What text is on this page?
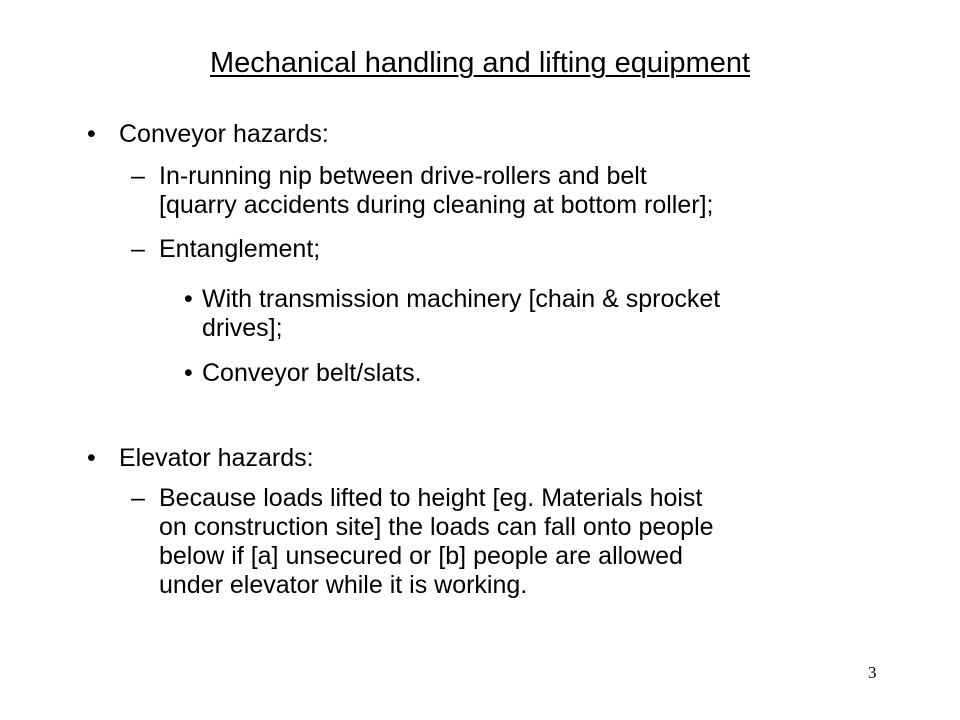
Mechanical handling and lifting equipment
• Conveyor hazards:
– In-running nip between drive-rollers and belt
[quarry accidents during cleaning at bottom roller];
– Entanglement;
• With transmission machinery [chain & sprocket
drives];
• Conveyor belt/slats.
• Elevator hazards:
– Because loads lifted to height [eg. Materials hoist
on construction site] the loads can fall onto people
below if [a] unsecured or [b] people are allowed
under elevator while it is working.
3
